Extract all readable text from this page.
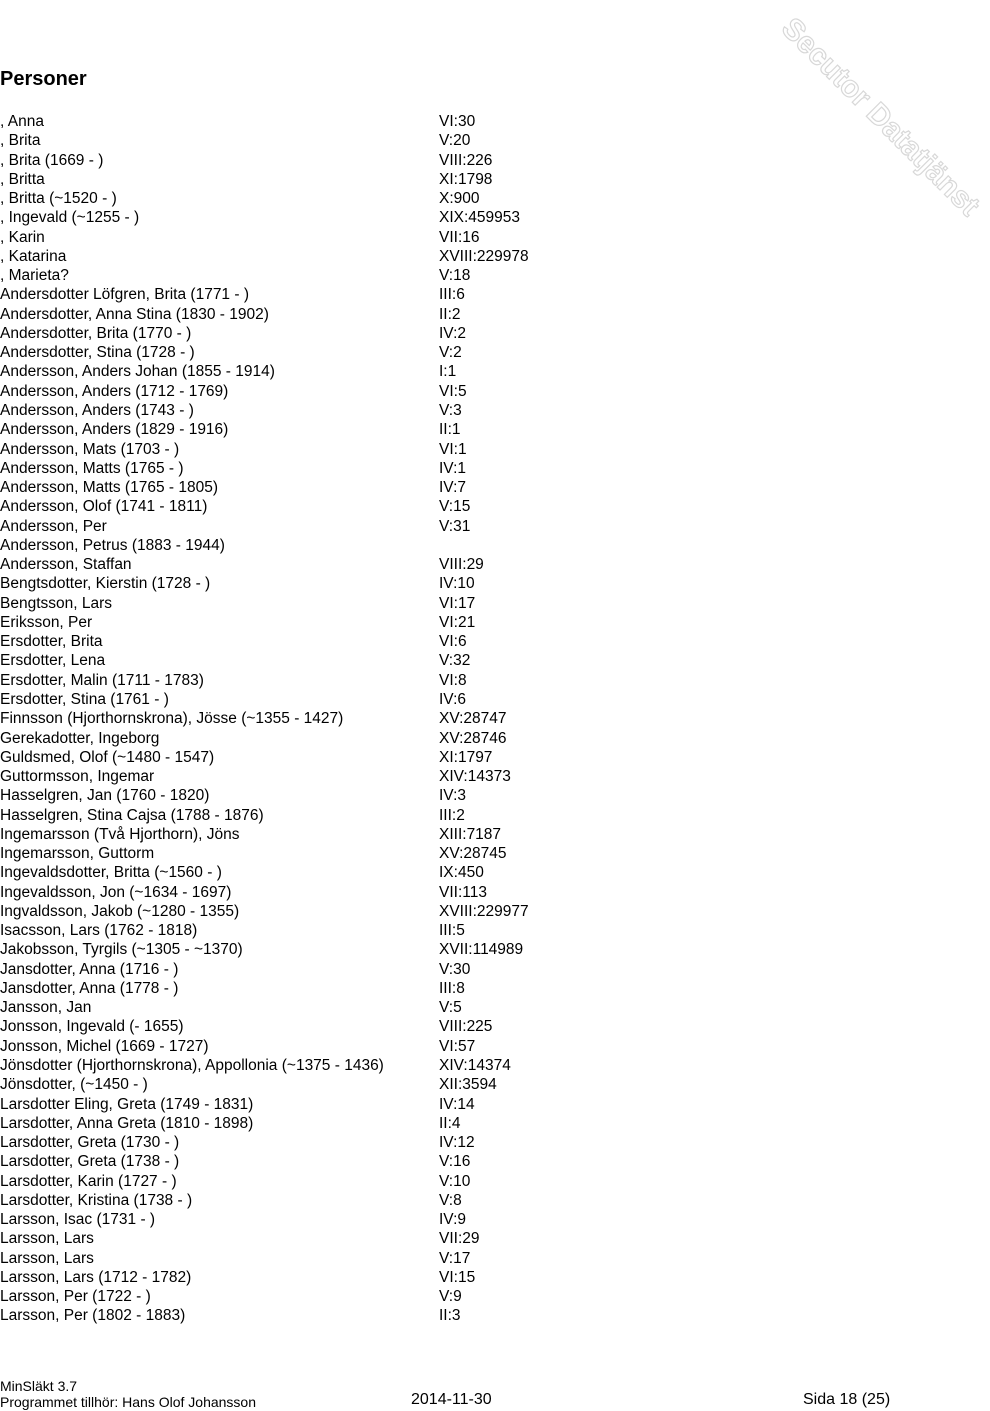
Secutor Datatjänst
Personer
, Anna	VI:30
, Brita	V:20
, Brita (1669 - )	VIII:226
, Britta	XI:1798
, Britta (~1520 - )	X:900
, Ingevald (~1255 - )	XIX:459953
, Karin	VII:16
, Katarina	XVIII:229978
, Marieta?	V:18
Andersdotter Löfgren, Brita (1771 - )	III:6
Andersdotter, Anna Stina (1830 - 1902)	II:2
Andersdotter, Brita (1770 - )	IV:2
Andersdotter, Stina (1728 - )	V:2
Andersson, Anders Johan (1855 - 1914)	I:1
Andersson, Anders (1712 - 1769)	VI:5
Andersson, Anders (1743 - )	V:3
Andersson, Anders (1829 - 1916)	II:1
Andersson, Mats (1703 - )	VI:1
Andersson, Matts (1765 - )	IV:1
Andersson, Matts (1765 - 1805)	IV:7
Andersson, Olof (1741 - 1811)	V:15
Andersson, Per	V:31
Andersson, Petrus (1883 - 1944)
Andersson, Staffan	VIII:29
Bengtsdotter, Kierstin (1728 - )	IV:10
Bengtsson, Lars	VI:17
Eriksson, Per	VI:21
Ersdotter, Brita	VI:6
Ersdotter, Lena	V:32
Ersdotter, Malin (1711 - 1783)	VI:8
Ersdotter, Stina (1761 - )	IV:6
Finnsson (Hjorthornskrona), Jösse (~1355 - 1427)	XV:28747
Gerekadotter, Ingeborg	XV:28746
Guldsmed, Olof (~1480 - 1547)	XI:1797
Guttormsson, Ingemar	XIV:14373
Hasselgren, Jan (1760 - 1820)	IV:3
Hasselgren, Stina Cajsa (1788 - 1876)	III:2
Ingemarsson (Två Hjorthorn), Jöns	XIII:7187
Ingemarsson, Guttorm	XV:28745
Ingevaldsdotter, Britta (~1560 - )	IX:450
Ingevaldsson, Jon (~1634 - 1697)	VII:113
Ingvaldsson, Jakob (~1280 - 1355)	XVIII:229977
Isacsson, Lars (1762 - 1818)	III:5
Jakobsson, Tyrgils (~1305 - ~1370)	XVII:114989
Jansdotter, Anna (1716 - )	V:30
Jansdotter, Anna (1778 - )	III:8
Jansson, Jan	V:5
Jonsson, Ingevald (- 1655)	VIII:225
Jonsson, Michel (1669 - 1727)	VI:57
Jönsdotter (Hjorthornskrona), Appollonia (~1375 - 1436)	XIV:14374
Jönsdotter, (~1450 - )	XII:3594
Larsdotter Eling, Greta (1749 - 1831)	IV:14
Larsdotter, Anna Greta (1810 - 1898)	II:4
Larsdotter, Greta (1730 - )	IV:12
Larsdotter, Greta (1738 - )	V:16
Larsdotter, Karin (1727 - )	V:10
Larsdotter, Kristina (1738 - )	V:8
Larsson, Isac (1731 - )	IV:9
Larsson, Lars	VII:29
Larsson, Lars	V:17
Larsson, Lars (1712 - 1782)	VI:15
Larsson, Per (1722 - )	V:9
Larsson, Per (1802 - 1883)	II:3
MinSläkt 3.7
Programmet tillhör: Hans Olof Johansson	2014-11-30	Sida 18 (25)
